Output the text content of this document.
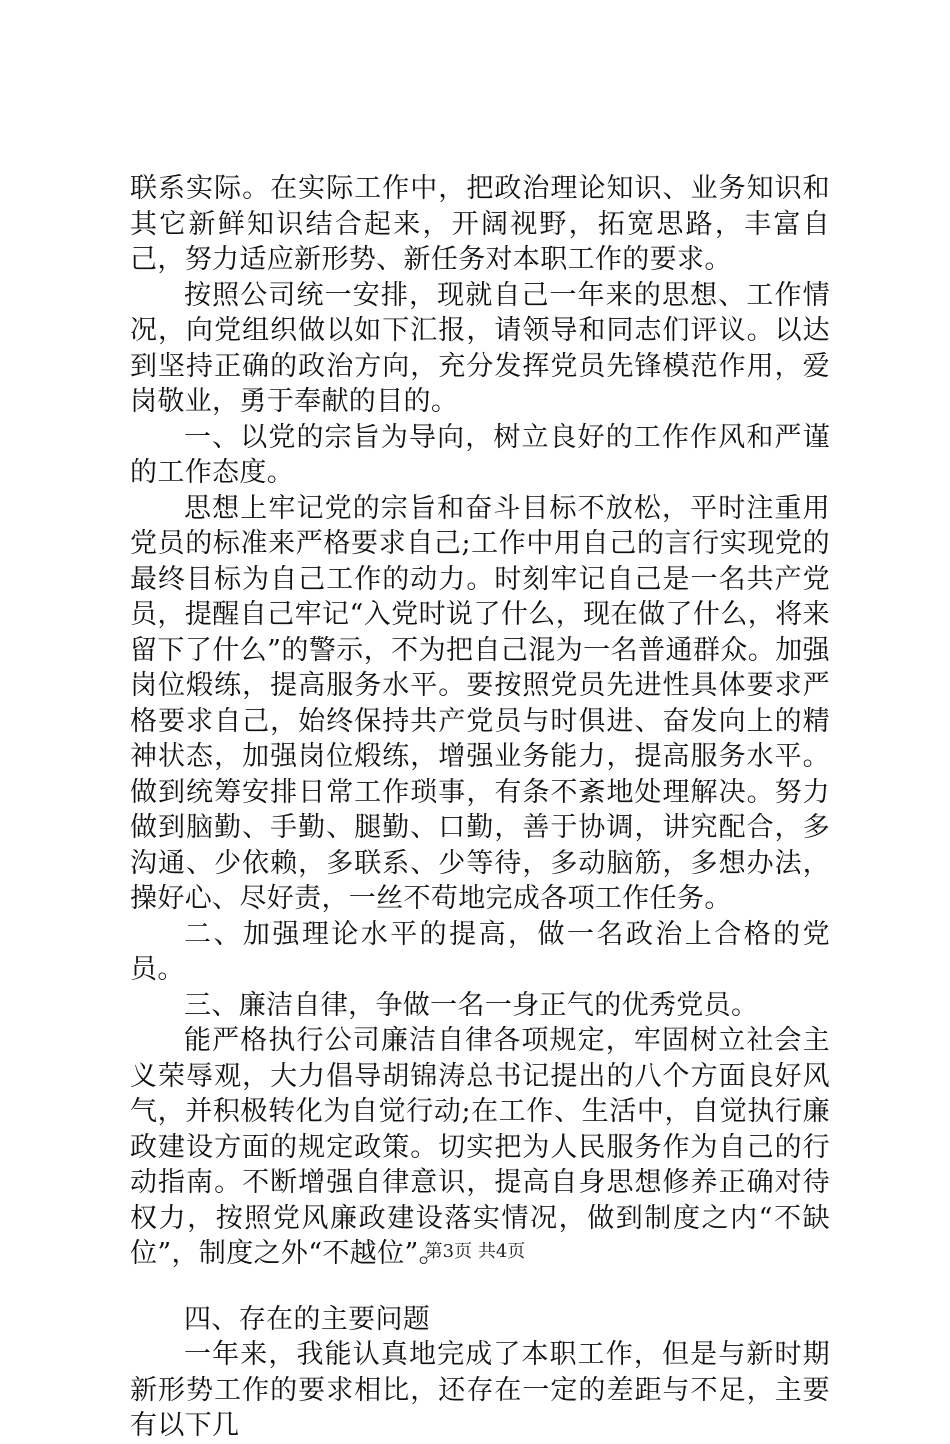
联系实际。在实际工作中，把政治理论知识、业务知识和其它新鲜知识结合起来，开阔视野，拓宽思路，丰富自己，努力适应新形势、新任务对本职工作的要求。

按照公司统一安排，现就自己一年来的思想、工作情况，向党组织做以如下汇报，请领导和同志们评议。以达到坚持正确的政治方向，充分发挥党员先锋模范作用，爱岗敬业，勇于奉献的目的。

一、以党的宗旨为导向，树立良好的工作作风和严谨的工作态度。

思想上牢记党的宗旨和奋斗目标不放松，平时注重用党员的标准来严格要求自己;工作中用自己的言行实现党的最终目标为自己工作的动力。时刻牢记自己是一名共产党员，提醒自己牢记“入党时说了什么，现在做了什么，将来留下了什么”的警示，不为把自己混为一名普通群众。加强岗位煅练，提高服务水平。要按照党员先进性具体要求严格要求自己，始终保持共产党员与时俱进、奋发向上的精神状态，加强岗位煅练，增强业务能力，提高服务水平。做到统筹安排日常工作琐事，有条不紊地处理解决。努力做到脑勤、手勤、腿勤、口勤，善于协调，讲究配合，多沟通、少依赖，多联系、少等待，多动脑筋，多想办法，操好心、尽好责，一丝不苟地完成各项工作任务。

二、加强理论水平的提高，做一名政治上合格的党员。

三、廉洁自律，争做一名一身正气的优秀党员。

能严格执行公司廉洁自律各项规定，牢固树立社会主义荣辱观，大力倡导胡锦涛总书记提出的八个方面良好风气，并积极转化为自觉行动;在工作、生活中，自觉执行廉政建设方面的规定政策。切实把为人民服务作为自己的行动指南。不断增强自律意识，提高自身思想修养正确对待权力，按照党风廉政建设落实情况，做到制度之内“不缺位”，制度之外“不越位”。

四、存在的主要问题

一年来，我能认真地完成了本职工作，但是与新时期新形势工作的要求相比，还存在一定的差距与不足，主要有以下几

第3页 共4页
